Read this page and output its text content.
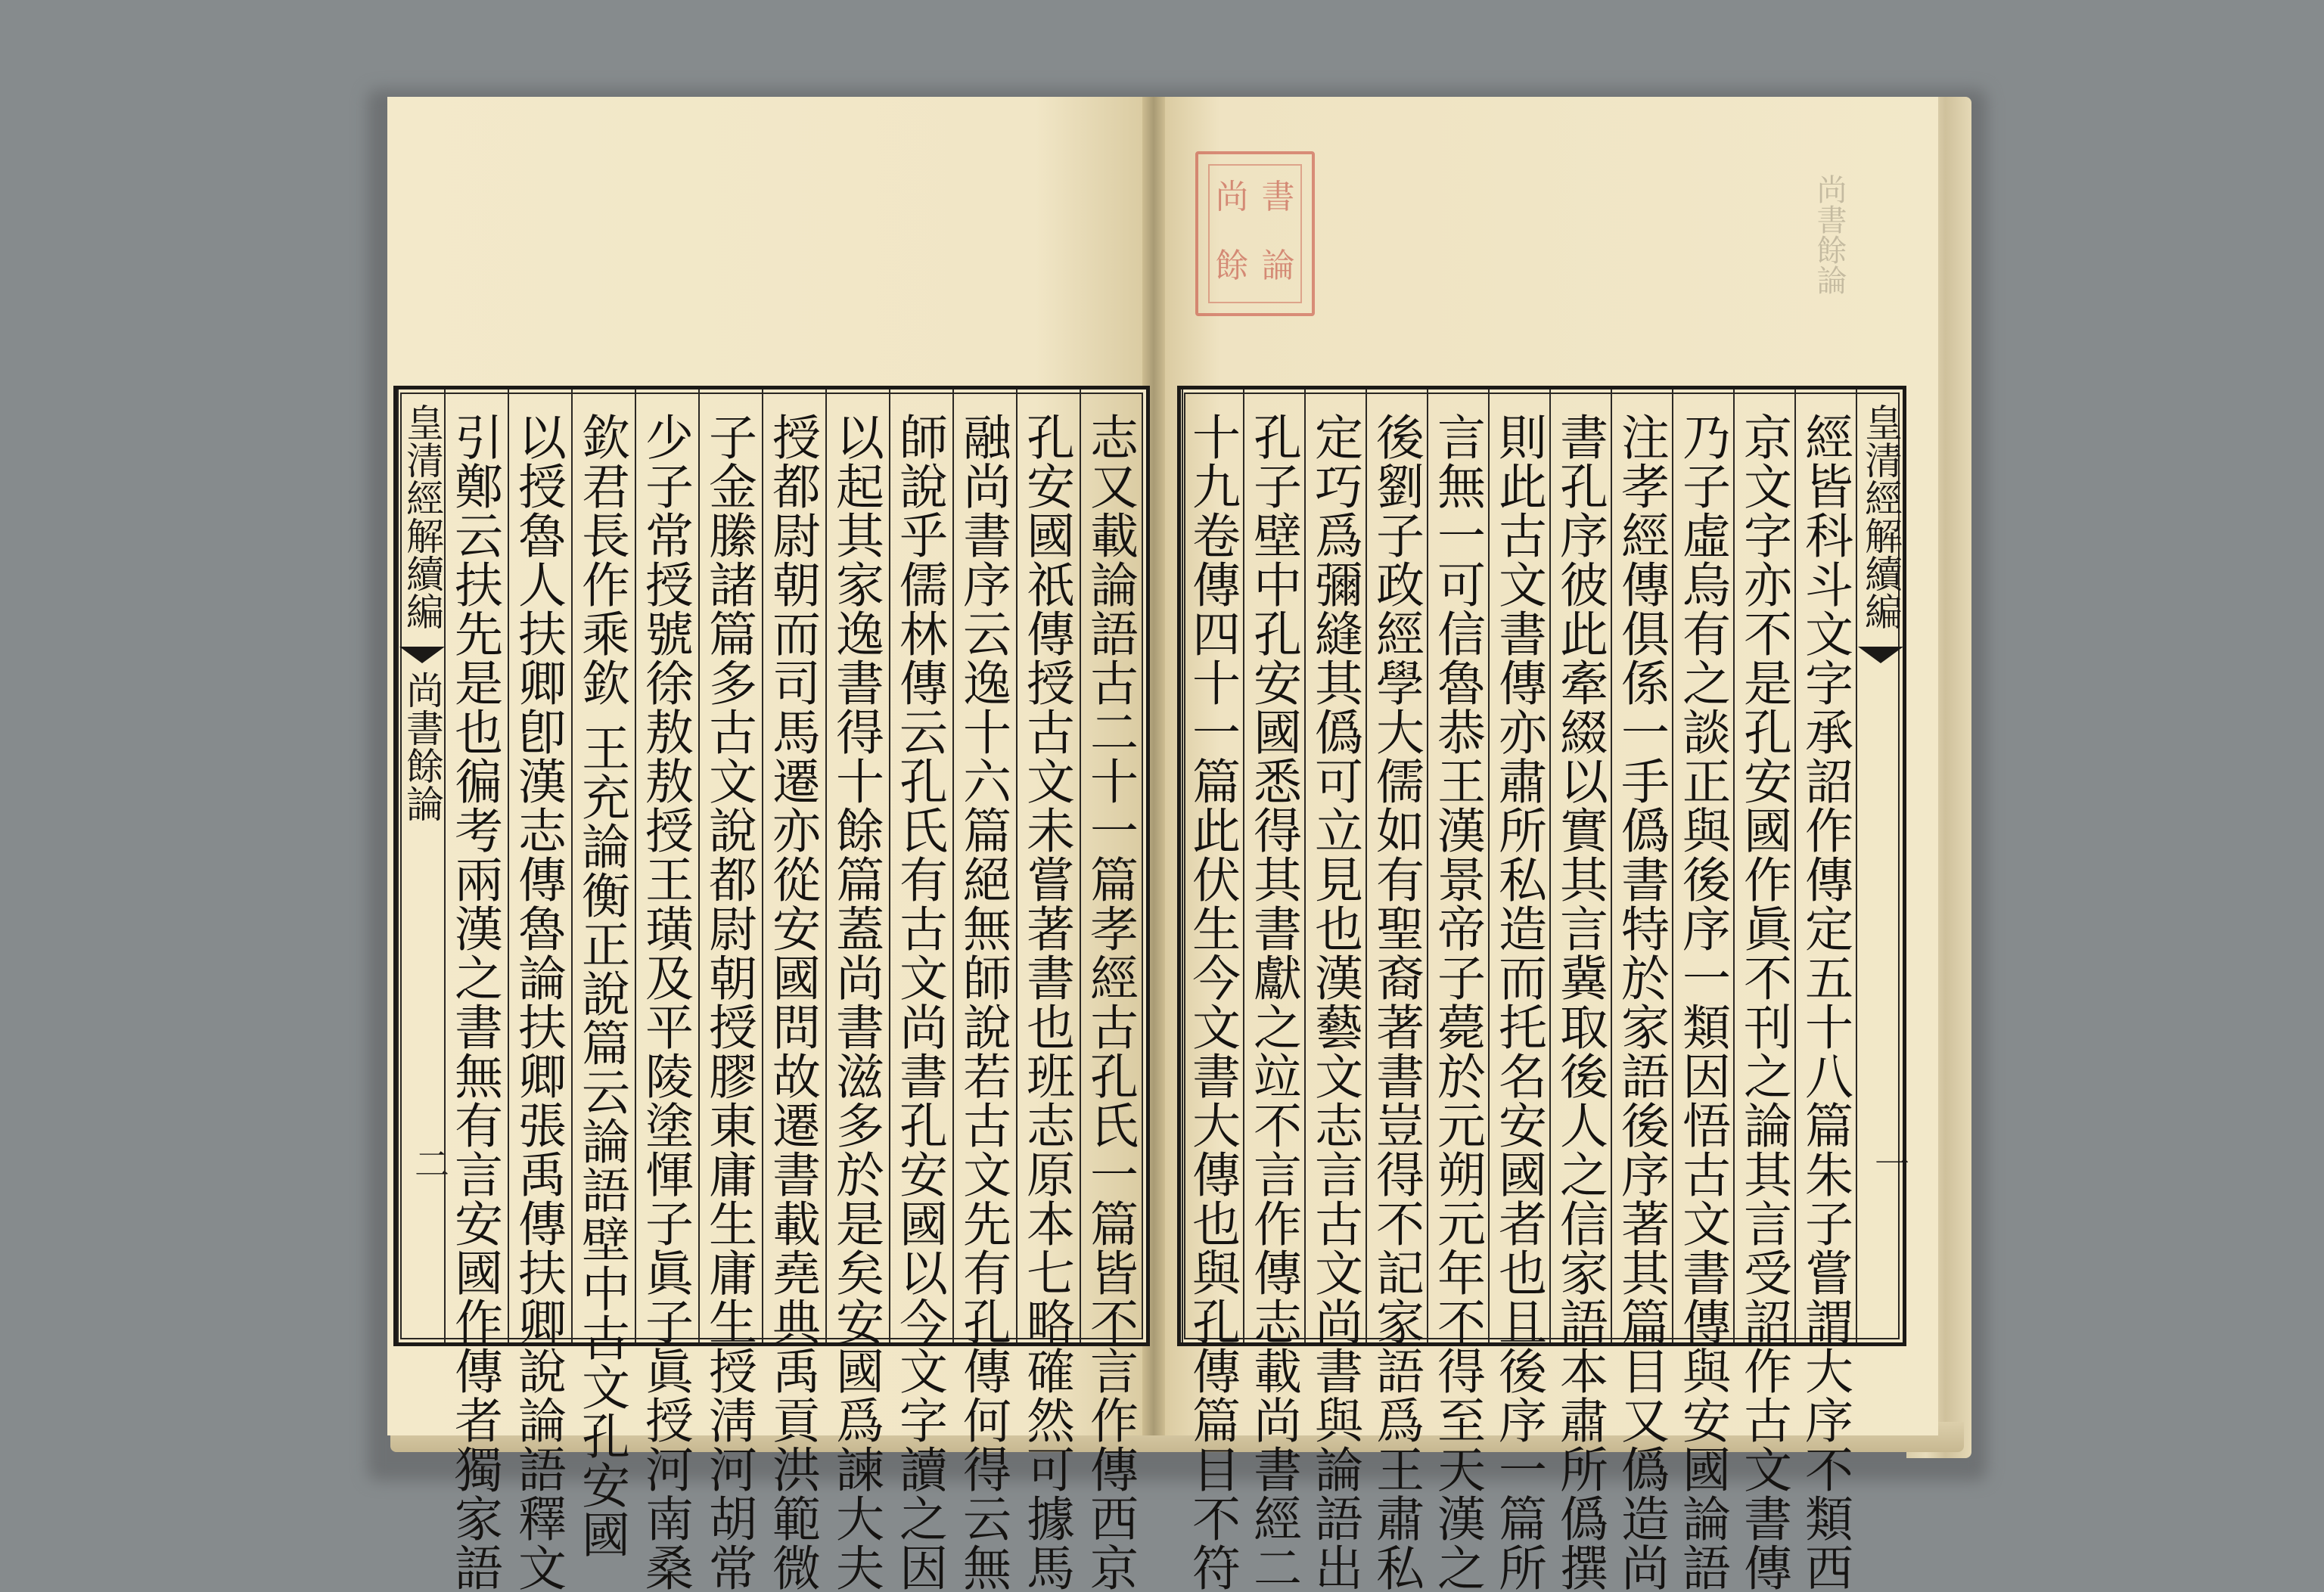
尚 書
餘 論	尚書餘論
皇清經解續編
尚書餘論
二	志又載論語古二十一篇孝經古孔氏一篇皆不言作傳西京
孔安國祇傳授古文未嘗著書也班志原本七略確然可據馬
融尚書序云逸十六篇絕無師說若古文先有孔傳何得云無
師說乎儒林傳云孔氏有古文尚書孔安國以今文字讀之因
以起其家逸書得十餘篇蓋尚書滋多於是矣安國爲諫大夫
授都尉朝而司馬遷亦從安國問故遷書載堯典禹貢洪範微
子金縢諸篇多古文說都尉朝授膠東庸生庸生授淸河胡常
少子常授號徐敖敖授王璜及平陵塗惲子眞子眞授河南桑
欽君長作乘欽 王充論衡正說篇云論語壁中古文孔安國
以授魯人扶卿卽漢志傳魯論扶卿張禹傳扶卿說論語釋文
引鄭云扶先是也徧考兩漢之書無有言安國作傳者獨家語	經皆科斗文字承詔作傳定五十八篇朱子嘗謂大序不類西
京文字亦不是孔安國作眞不刊之論其言受詔作古文書傳
乃子虛烏有之談正與後序一類因悟古文書傳與安國論語
注孝經傳俱係一手僞書特於家語後序著其篇目又僞造尚
書孔序彼此牽綴以實其言冀取後人之信家語本肅所僞撰
則此古文書傳亦肅所私造而托名安國者也且後序一篇所
言無一可信魯恭王漢景帝子薨於元朔元年不得至天漢之
後劉子政經學大儒如有聖裔著書豈得不記家語爲王肅私
定巧爲彌縫其僞可立見也漢藝文志言古文尚書與論語出
孔子壁中孔安國悉得其書獻之竝不言作傳志載尚書經二
十九卷傳四十一篇此伏生今文書大傳也與孔傳篇目不符	皇清經解續編
一
